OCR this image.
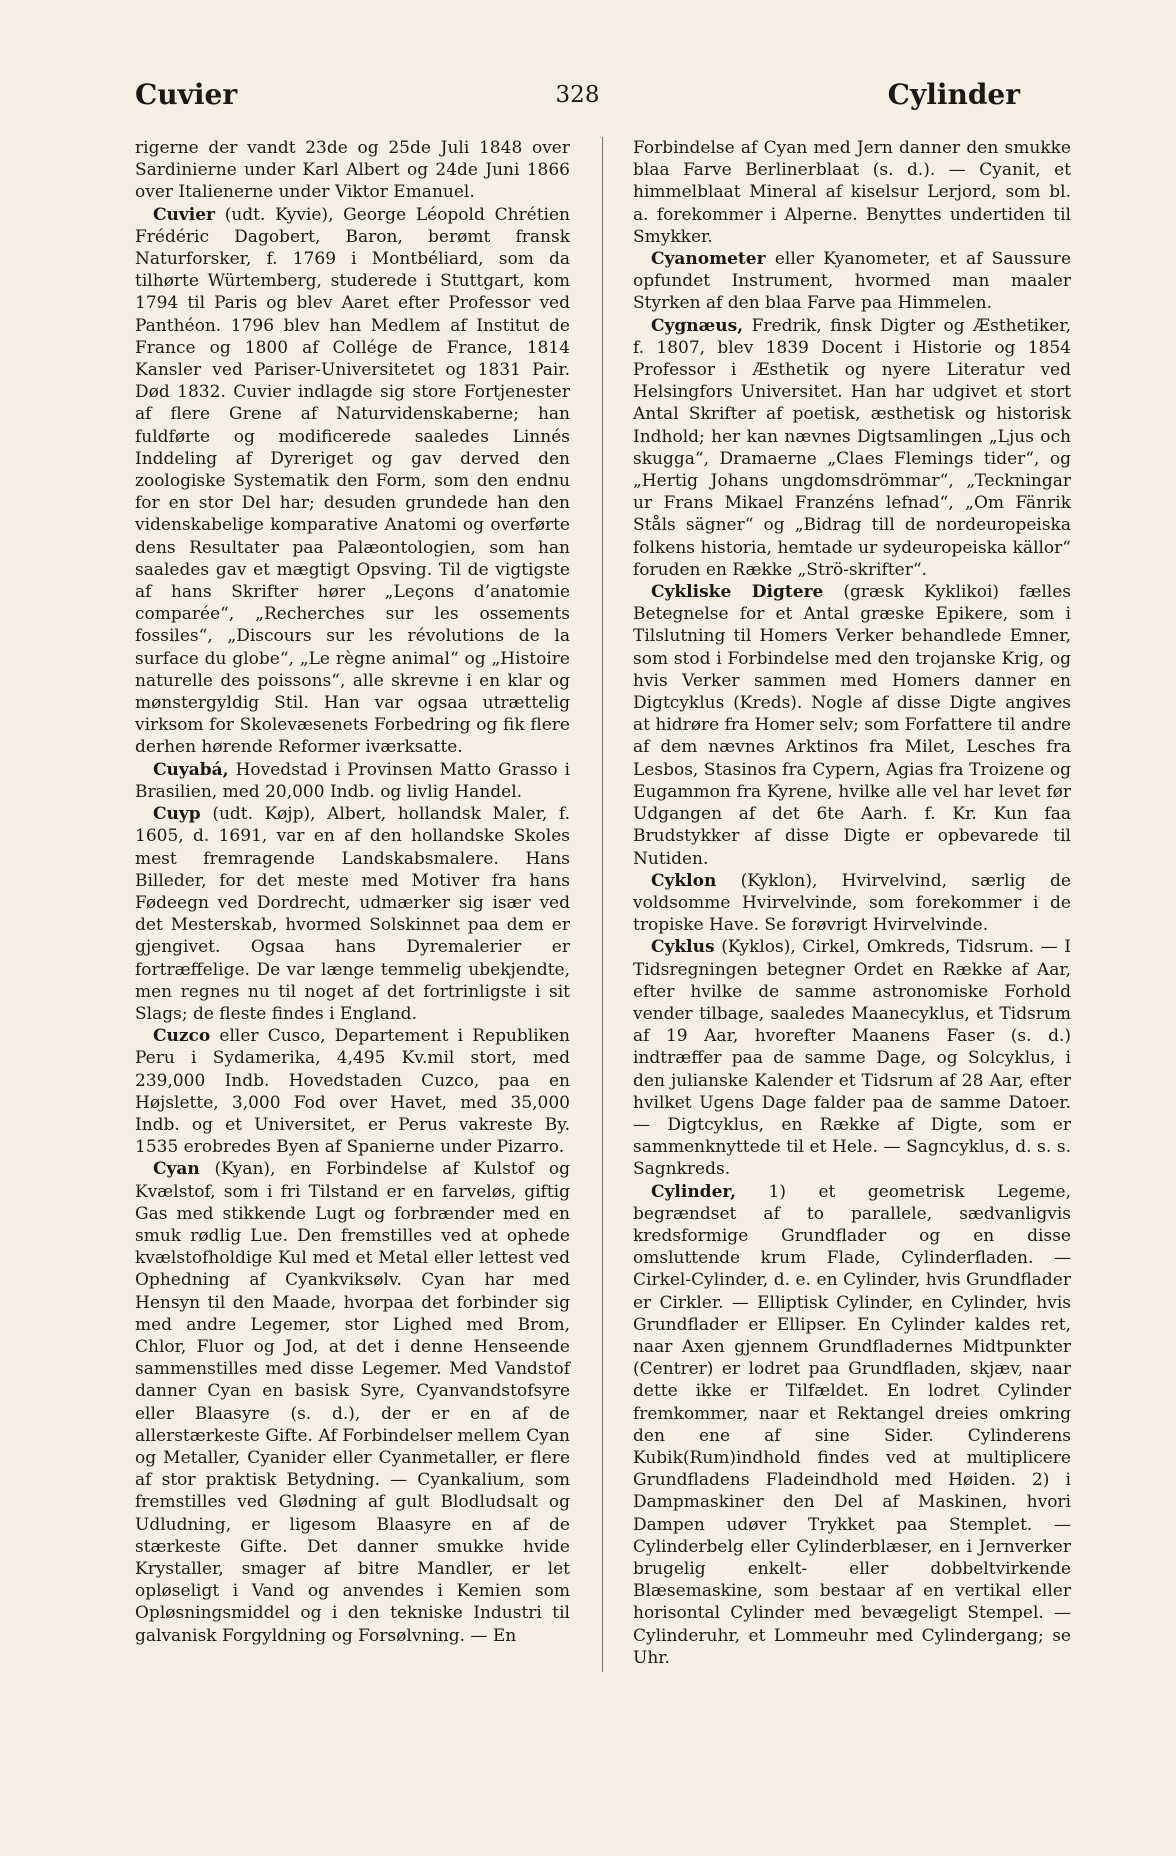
Cuvier	328	Cylinder

rigerne der vandt 23de og 25de Juli 1848 over Sardinierne under Karl Albert og 24de Juni 1866 over Italienerne under Viktor Emanuel.

Cuvier (udt. Kyvie), George Léopold Chrétien Frédéric Dagobert, Baron, berømt fransk Naturforsker, f. 1769 i Montbéliard, som da tilhørte Würtemberg, studerede i Stuttgart, kom 1794 til Paris og blev Aaret efter Professor ved Panthéon. 1796 blev han Medlem af Institut de France og 1800 af Collége de France, 1814 Kansler ved Pariser-Universitetet og 1831 Pair. Død 1832. Cuvier indlagde sig store Fortjenester af flere Grene af Naturvidenskaberne; han fuldførte og modificerede saaledes Linnés Inddeling af Dyreriget og gav derved den zoologiske Systematik den Form, som den endnu for en stor Del har; desuden grundede han den videnskabelige komparative Anatomi og overførte dens Resultater paa Palæontologien, som han saaledes gav et mægtigt Opsving. Til de vigtigste af hans Skrifter hører „Leçons d’anatomie comparée“, „Recherches sur les ossements fossiles“, „Discours sur les révolutions de la surface du globe“, „Le règne animal“ og „Histoire naturelle des poissons“, alle skrevne i en klar og mønstergyldig Stil. Han var ogsaa utrættelig virksom for Skolevæsenets Forbedring og fik flere derhen hørende Reformer iværksatte.

Cuyabá, Hovedstad i Provinsen Matto Grasso i Brasilien, med 20,000 Indb. og livlig Handel.

Cuyp (udt. Køjp), Albert, hollandsk Maler, f. 1605, d. 1691, var en af den hollandske Skoles mest fremragende Landskabsmalere. Hans Billeder, for det meste med Motiver fra hans Fødeegn ved Dordrecht, udmærker sig især ved det Mesterskab, hvormed Solskinnet paa dem er gjengivet. Ogsaa hans Dyremalerier er fortræffelige. De var længe temmelig ubekjendte, men regnes nu til noget af det fortrinligste i sit Slags; de fleste findes i England.

Cuzco eller Cusco, Departement i Republiken Peru i Sydamerika, 4,495 Kv.mil stort, med 239,000 Indb. Hovedstaden Cuzco, paa en Højslette, 3,000 Fod over Havet, med 35,000 Indb. og et Universitet, er Perus vakreste By. 1535 erobredes Byen af Spanierne under Pizarro.

Cyan (Kyan), en Forbindelse af Kulstof og Kvælstof, som i fri Tilstand er en farveløs, giftig Gas med stikkende Lugt og forbrænder med en smuk rødlig Lue. Den fremstilles ved at ophede kvælstofholdige Kul med et Metal eller lettest ved Ophedning af Cyankviksølv. Cyan har med Hensyn til den Maade, hvorpaa det forbinder sig med andre Legemer, stor Lighed med Brom, Chlor, Fluor og Jod, at det i denne Henseende sammenstilles med disse Legemer. Med Vandstof danner Cyan en basisk Syre, Cyanvandstofsyre eller Blaasyre (s. d.), der er en af de allerstærkeste Gifte. Af Forbindelser mellem Cyan og Metaller, Cyanider eller Cyanmetaller, er flere af stor praktisk Betydning. — Cyankalium, som fremstilles ved Glødning af gult Blodludsalt og Udludning, er ligesom Blaasyre en af de stærkeste Gifte. Det danner smukke hvide Krystaller, smager af bitre Mandler, er let opløseligt i Vand og anvendes i Kemien som Opløsningsmiddel og i den tekniske Industri til galvanisk Forgyldning og Forsølvning. — En

Forbindelse af Cyan med Jern danner den smukke blaa Farve Berlinerblaat (s. d.). — Cyanit, et himmelblaat Mineral af kiselsur Lerjord, som bl. a. forekommer i Alperne. Benyttes undertiden til Smykker.

Cyanometer eller Kyanometer, et af Saussure opfundet Instrument, hvormed man maaler Styrken af den blaa Farve paa Himmelen.

Cygnæus, Fredrik, finsk Digter og Æsthetiker, f. 1807, blev 1839 Docent i Historie og 1854 Professor i Æsthetik og nyere Literatur ved Helsingfors Universitet. Han har udgivet et stort Antal Skrifter af poetisk, æsthetisk og historisk Indhold; her kan nævnes Digtsamlingen „Ljus och skugga“, Dramaerne „Claes Flemings tider“, og „Hertig Johans ungdomsdrömmar“, „Teckningar ur Frans Mikael Franzéns lefnad“, „Om Fänrik Ståls sägner“ og „Bidrag till de nordeuropeiska folkens historia, hemtade ur sydeuropeiska källor“ foruden en Række „Strö-skrifter“.

Cykliske Digtere (græsk Kyklikoi) fælles Betegnelse for et Antal græske Epikere, som i Tilslutning til Homers Verker behandlede Emner, som stod i Forbindelse med den trojanske Krig, og hvis Verker sammen med Homers danner en Digtcyklus (Kreds). Nogle af disse Digte angives at hidrøre fra Homer selv; som Forfattere til andre af dem nævnes Arktinos fra Milet, Lesches fra Lesbos, Stasinos fra Cypern, Agias fra Troizene og Eugammon fra Kyrene, hvilke alle vel har levet før Udgangen af det 6te Aarh. f. Kr. Kun faa Brudstykker af disse Digte er opbevarede til Nutiden.

Cyklon (Kyklon), Hvirvelvind, særlig de voldsomme Hvirvelvinde, som forekommer i de tropiske Have. Se forøvrigt Hvirvelvinde.

Cyklus (Kyklos), Cirkel, Omkreds, Tidsrum. — I Tidsregningen betegner Ordet en Række af Aar, efter hvilke de samme astronomiske Forhold vender tilbage, saaledes Maanecyklus, et Tidsrum af 19 Aar, hvorefter Maanens Faser (s. d.) indtræffer paa de samme Dage, og Solcyklus, i den julianske Kalender et Tidsrum af 28 Aar, efter hvilket Ugens Dage falder paa de samme Datoer. — Digtcyklus, en Række af Digte, som er sammenknyttede til et Hele. — Sagncyklus, d. s. s. Sagnkreds.

Cylinder, 1) et geometrisk Legeme, begrændset af to parallele, sædvanligvis kredsformige Grundflader og en disse omsluttende krum Flade, Cylinderfladen. — Cirkel-Cylinder, d. e. en Cylinder, hvis Grundflader er Cirkler. — Elliptisk Cylinder, en Cylinder, hvis Grundflader er Ellipser. En Cylinder kaldes ret, naar Axen gjennem Grundfladernes Midtpunkter (Centrer) er lodret paa Grundfladen, skjæv, naar dette ikke er Tilfældet. En lodret Cylinder fremkommer, naar et Rektangel dreies omkring den ene af sine Sider. Cylinderens Kubik(Rum)indhold findes ved at multiplicere Grundfladens Fladeindhold med Høiden. 2) i Dampmaskiner den Del af Maskinen, hvori Dampen udøver Trykket paa Stemplet. — Cylinderbelg eller Cylinderblæser, en i Jernverker brugelig enkelt- eller dobbeltvirkende Blæsemaskine, som bestaar af en vertikal eller horisontal Cylinder med bevægeligt Stempel. — Cylinderuhr, et Lommeuhr med Cylindergang; se Uhr.
